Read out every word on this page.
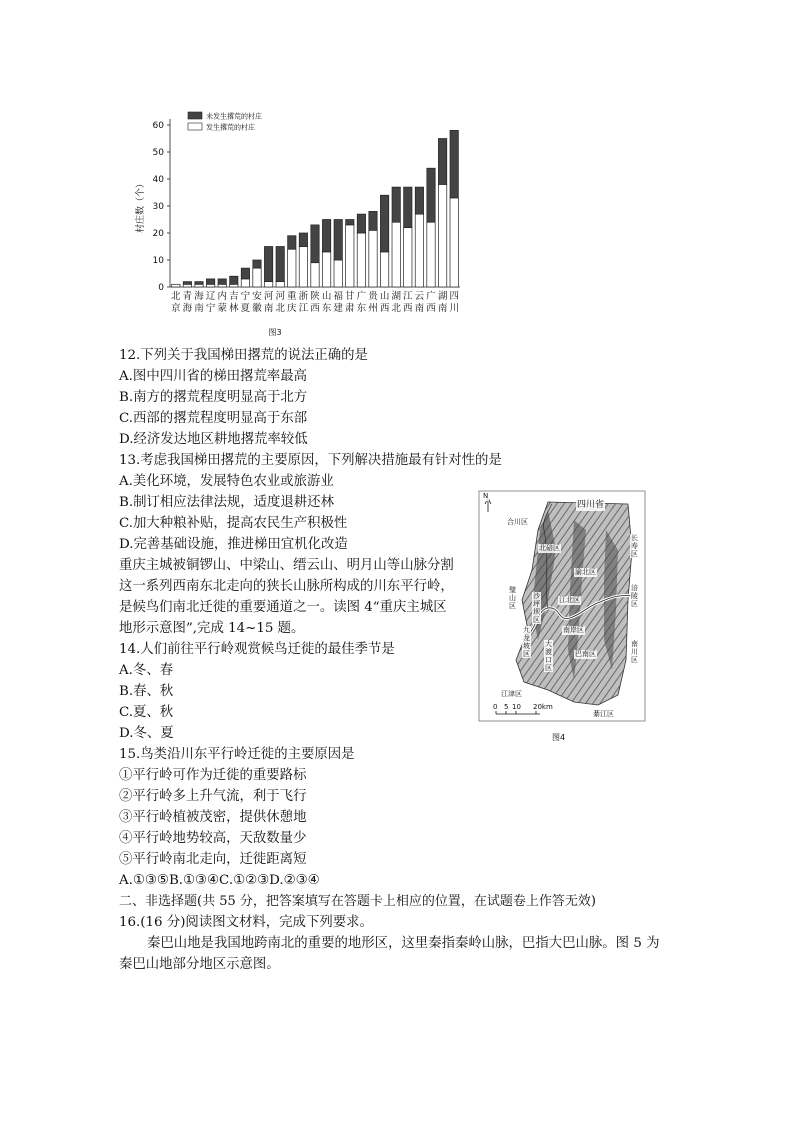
0
10
20
30
40
50
60
村庄数（个）
北
京
青
海
海
南
辽
宁
内
蒙
吉
林
宁
夏
安
徽
河
南
河
北
重
庆
浙
江
陕
西
山
东
福
建
甘
肃
广
东
贵
州
山
西
湖
北
江
西
云
南
广
西
湖
南
四
川
未发生撂荒的村庄
发生撂荒的村庄
图3
N
四川省
合川区
北碚区
长寿区
渝北区
璧山区
沙坪坝区
江北区
涪陵区
九龙坡区
南岸区
巴南区
大渡口区
南川区
江津区
綦江区
0 5 10 20km
图4
12.下列关于我国梯田撂荒的说法正确的是
A.图中四川省的梯田撂荒率最高
B.南方的撂荒程度明显高于北方
C.西部的撂荒程度明显高于东部
D.经济发达地区耕地撂荒率较低
13.考虑我国梯田撂荒的主要原因，下列解决措施最有针对性的是
A.美化环境，发展特色农业或旅游业
B.制订相应法律法规，适度退耕还林
C.加大种粮补贴，提高农民生产积极性
D.完善基础设施，推进梯田宜机化改造
重庆主城被铜锣山、中梁山、缙云山、明月山等山脉分割
这一系列西南东北走向的狭长山脉所构成的川东平行岭，
是候鸟们南北迁徙的重要通道之一。读图 4“重庆主城区
地形示意图”,完成 14~15 题。
14.人们前往平行岭观赏候鸟迁徙的最佳季节是
A.冬、春
B.春、秋
C.夏、秋
D.冬、夏
15.鸟类沿川东平行岭迁徙的主要原因是
①平行岭可作为迁徙的重要路标
②平行岭多上升气流，利于飞行
③平行岭植被茂密，提供休憩地
④平行岭地势较高，天敌数量少
⑤平行岭南北走向，迁徙距离短
A.①③⑤B.①③④C.①②③D.②③④
二、非选择题(共 55 分，把答案填写在答题卡上相应的位置，在试题卷上作答无效)
16.(16 分)阅读图文材料，完成下列要求。
秦巴山地是我国地跨南北的重要的地形区，这里秦指秦岭山脉，巴指大巴山脉。图 5 为
秦巴山地部分地区示意图。
